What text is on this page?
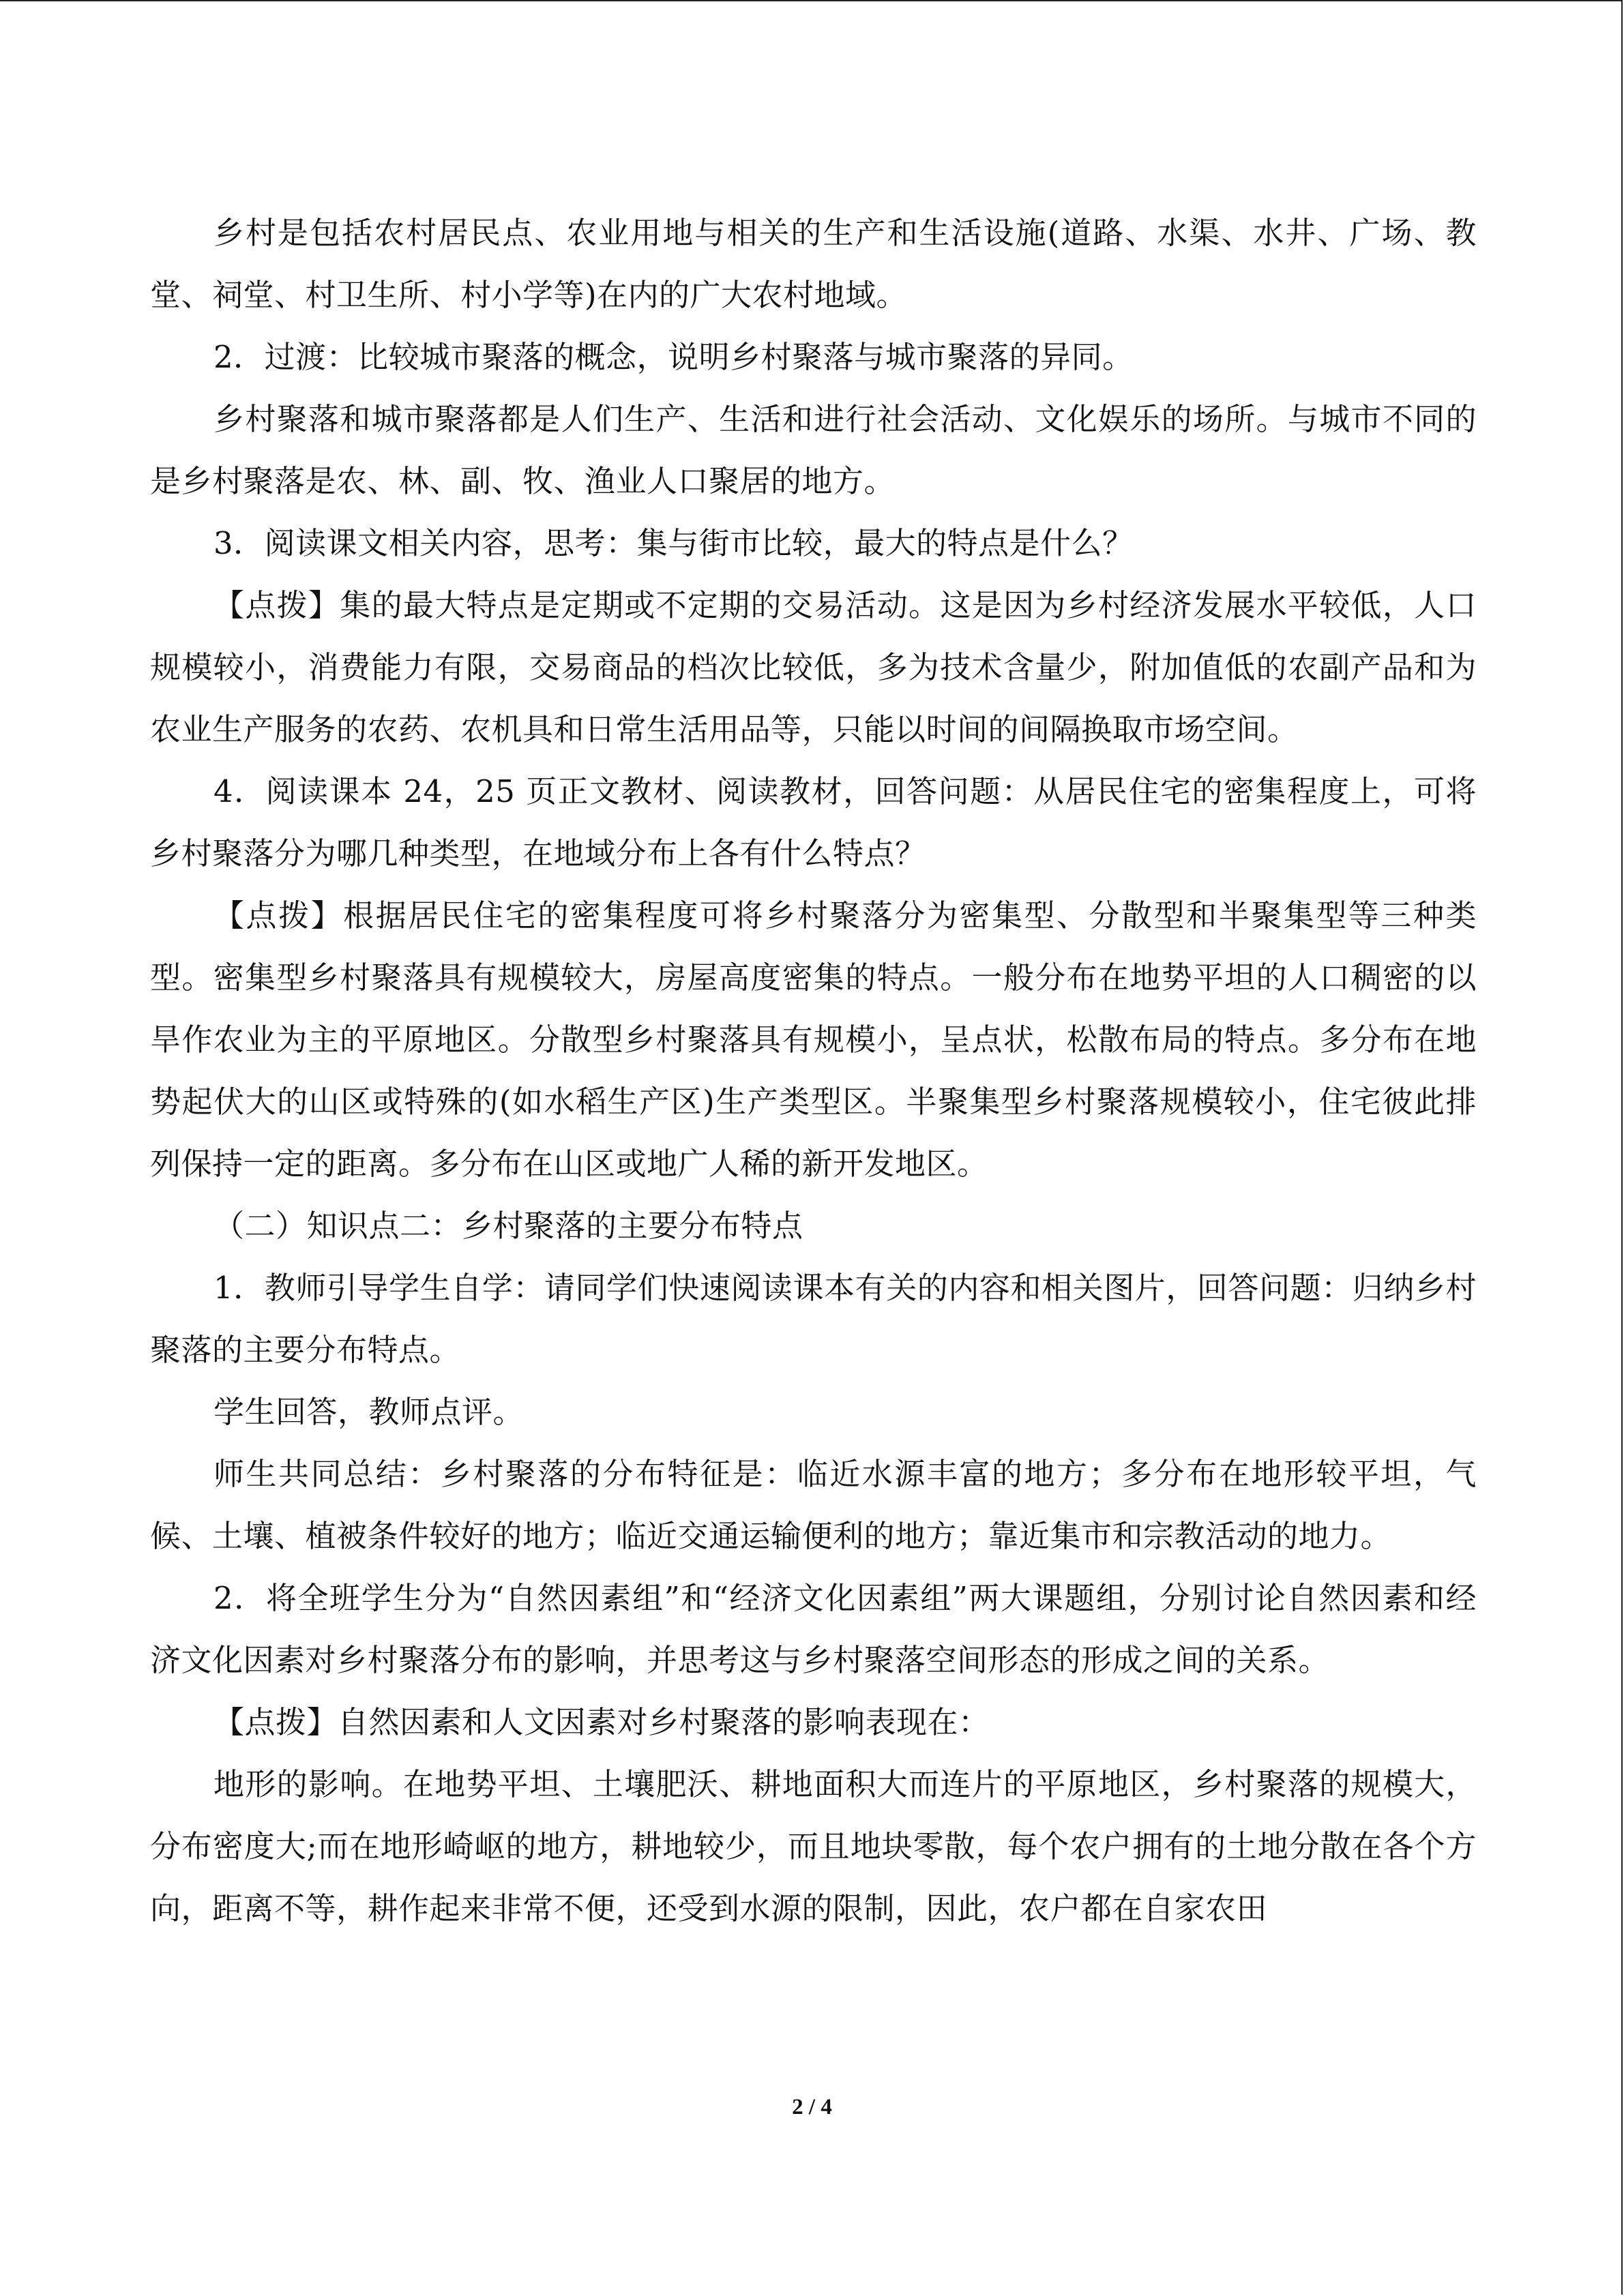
乡村是包括农村居民点、农业用地与相关的生产和生活设施(道路、水渠、水井、广场、教堂、祠堂、村卫生所、村小学等)在内的广大农村地域。

2．过渡：比较城市聚落的概念，说明乡村聚落与城市聚落的异同。

乡村聚落和城市聚落都是人们生产、生活和进行社会活动、文化娱乐的场所。与城市不同的是乡村聚落是农、林、副、牧、渔业人口聚居的地方。

3．阅读课文相关内容，思考：集与街市比较，最大的特点是什么？

【点拨】集的最大特点是定期或不定期的交易活动。这是因为乡村经济发展水平较低，人口规模较小，消费能力有限，交易商品的档次比较低，多为技术含量少，附加值低的农副产品和为农业生产服务的农药、农机具和日常生活用品等，只能以时间的间隔换取市场空间。

4．阅读课本 24，25 页正文教材、阅读教材，回答问题：从居民住宅的密集程度上，可将乡村聚落分为哪几种类型，在地域分布上各有什么特点？

【点拨】根据居民住宅的密集程度可将乡村聚落分为密集型、分散型和半聚集型等三种类型。密集型乡村聚落具有规模较大，房屋高度密集的特点。一般分布在地势平坦的人口稠密的以旱作农业为主的平原地区。分散型乡村聚落具有规模小，呈点状，松散布局的特点。多分布在地势起伏大的山区或特殊的(如水稻生产区)生产类型区。半聚集型乡村聚落规模较小，住宅彼此排列保持一定的距离。多分布在山区或地广人稀的新开发地区。

（二）知识点二：乡村聚落的主要分布特点

1．教师引导学生自学：请同学们快速阅读课本有关的内容和相关图片，回答问题：归纳乡村聚落的主要分布特点。

学生回答，教师点评。

师生共同总结：乡村聚落的分布特征是：临近水源丰富的地方；多分布在地形较平坦，气候、土壤、植被条件较好的地方；临近交通运输便利的地方；靠近集市和宗教活动的地力。

2．将全班学生分为“自然因素组”和“经济文化因素组”两大课题组，分别讨论自然因素和经济文化因素对乡村聚落分布的影响，并思考这与乡村聚落空间形态的形成之间的关系。

【点拨】自然因素和人文因素对乡村聚落的影响表现在：

地形的影响。在地势平坦、土壤肥沃、耕地面积大而连片的平原地区，乡村聚落的规模大，分布密度大;而在地形崎岖的地方，耕地较少，而且地块零散，每个农户拥有的土地分散在各个方向，距离不等，耕作起来非常不便，还受到水源的限制，因此，农户都在自家农田

2 / 4
